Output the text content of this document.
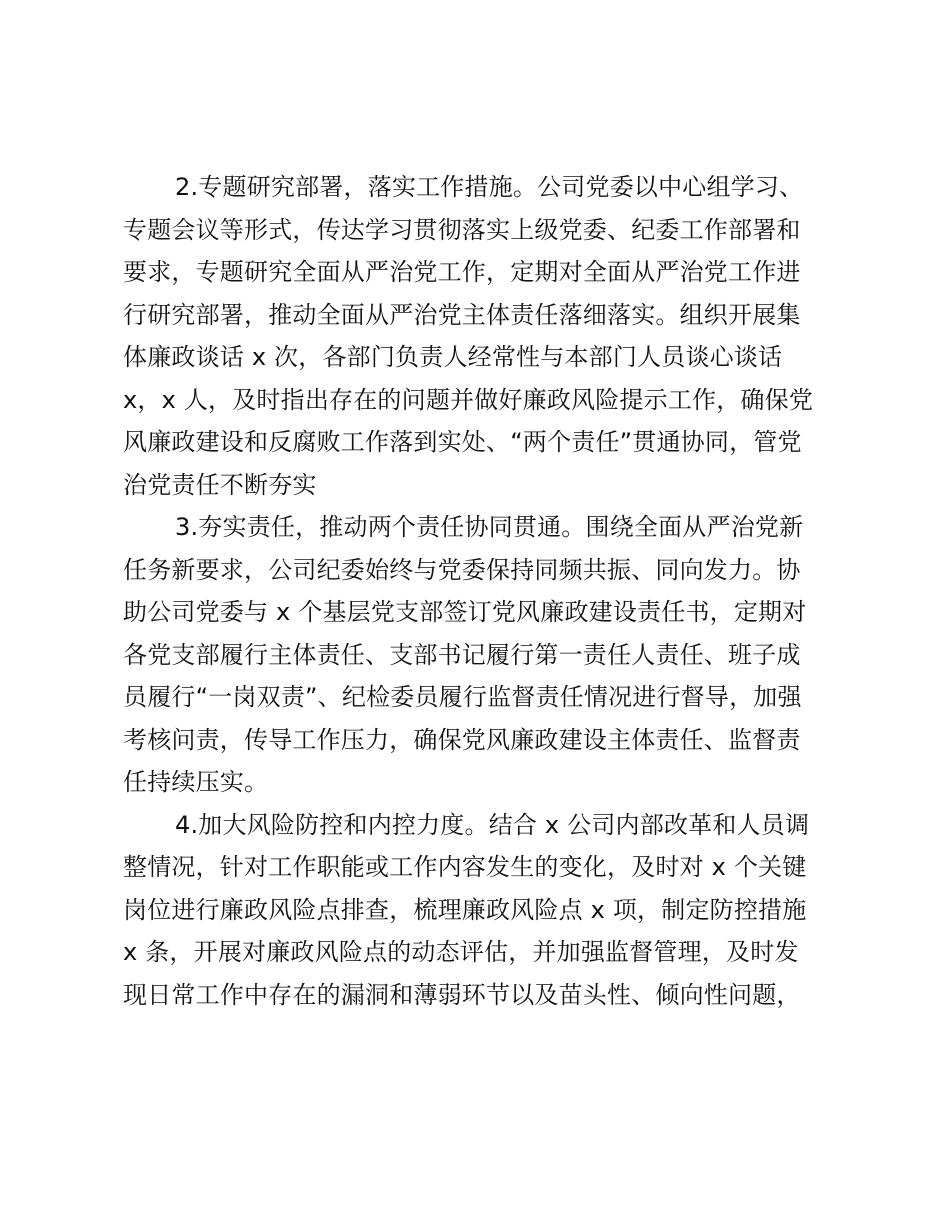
2.专题研究部署，落实工作措施。公司党委以中心组学习、
专题会议等形式，传达学习贯彻落实上级党委、纪委工作部署和
要求，专题研究全面从严治党工作，定期对全面从严治党工作进
行研究部署，推动全面从严治党主体责任落细落实。组织开展集
体廉政谈话 x 次，各部门负责人经常性与本部门人员谈心谈话
x，x 人，及时指出存在的问题并做好廉政风险提示工作，确保党
风廉政建设和反腐败工作落到实处、“两个责任”贯通协同，管党
治党责任不断夯实
3.夯实责任，推动两个责任协同贯通。围绕全面从严治党新
任务新要求，公司纪委始终与党委保持同频共振、同向发力。协
助公司党委与 x 个基层党支部签订党风廉政建设责任书，定期对
各党支部履行主体责任、支部书记履行第一责任人责任、班子成
员履行“一岗双责”、纪检委员履行监督责任情况进行督导，加强
考核问责，传导工作压力，确保党风廉政建设主体责任、监督责
任持续压实。
4.加大风险防控和内控力度。结合 x 公司内部改革和人员调
整情况，针对工作职能或工作内容发生的变化，及时对 x 个关键
岗位进行廉政风险点排查，梳理廉政风险点 x 项，制定防控措施
x 条，开展对廉政风险点的动态评估，并加强监督管理，及时发
现日常工作中存在的漏洞和薄弱环节以及苗头性、倾向性问题，
